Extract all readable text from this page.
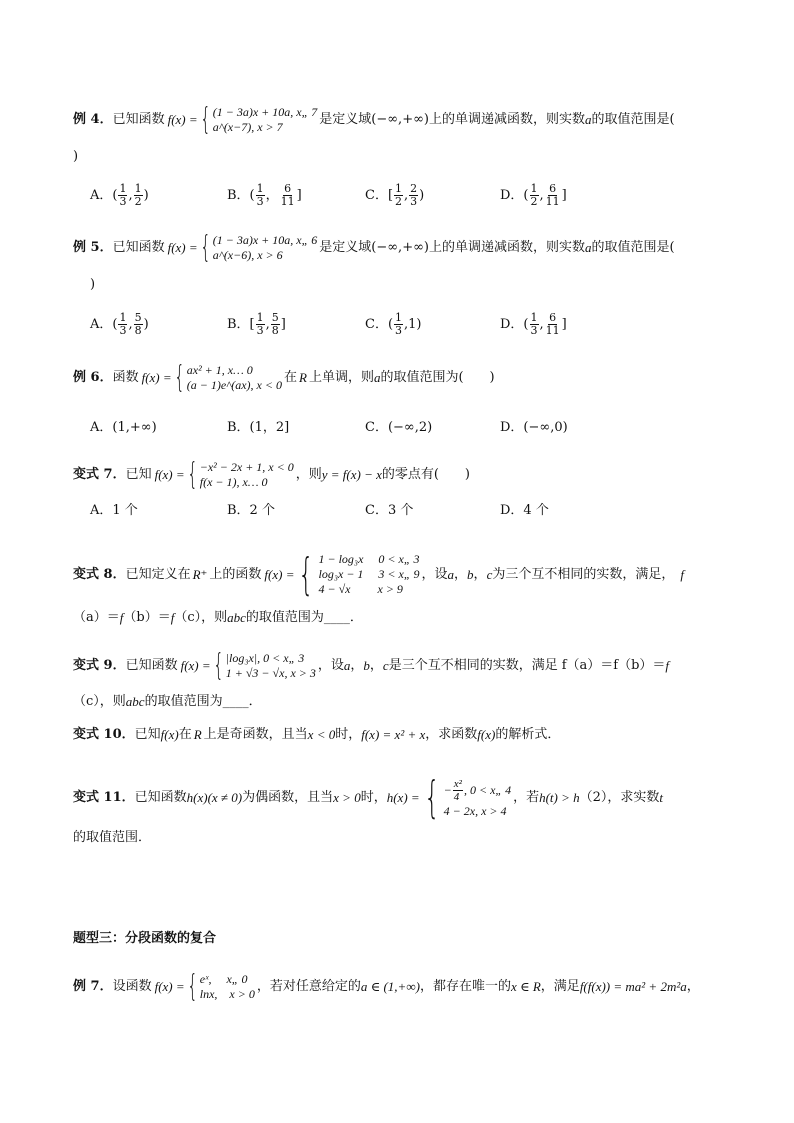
例 4． 已知函数 f(x) = { (1 − 3a)x + 10a, x„ 7
a^(x−7), x > 7	是定义域(−∞,+∞)上的单调递减函数，则实数 a 的取值范围是(
)
A．( $\frac{1}{3}$ , $\frac{1}{2}$ )	B．( $\frac{1}{3}$ ， $\frac{6}{11}$ ]	C．[ $\frac{1}{2}$ , $\frac{2}{3}$ )	D．( $\frac{1}{2}$ , $\frac{6}{11}$ ]
例 5． 已知函数 f(x) = { (1 − 3a)x + 10a, x„ 6
a^(x−6), x > 6	是定义域(−∞,+∞)上的单调递减函数，则实数 a 的取值范围是(
)
A．( $\frac{1}{3}$ , $\frac{5}{8}$ )	B．[ $\frac{1}{3}$ , $\frac{5}{8}$ ]	C．( $\frac{1}{3} ,1$)	D．( $\frac{1}{3}$ , $\frac{6}{11}$ ]
例 6． 函数 f(x) = { ax² + 1, x… 0
(a − 1)e^(ax), x < 0 在 R 上单调，则 a 的取值范围为(　　)
A．(1,+∞)	B．(1，2]	C．(−∞,2)	D．(−∞,0)
变式 7． 已知 f(x) = { −x² − 2x + 1, x < 0
f(x − 1), x… 0	，则 y = f(x) − x 的零点有(　　)
A．1 个	B．2 个	C．3 个	D．4 个
变式 8． 已知定义在 R⁺ 上的函数 f(x) = { 1 − log₃x　 0 < x„ 3
log₃x − 1　 3 < x„ 9
4 − √x　　 x > 9
，设 a ， b ， c 为三个互不相同的实数，满足， f
（a）＝ f （b）＝ f （c），则 abc 的取值范围为____．
变式 9． 已知函数 f(x) = { |log₃x|, 0 < x„ 3
1 + √3 − √x, x > 3 ，设 a ， b ， c 是三个互不相同的实数，满足 f（a）＝ f（b）＝ f
（c），则 abc 的取值范围为____．
变式 10． 已知 f(x) 在 R 上是奇函数，且当 x < 0 时， f(x) = x² + x ，求函数 f(x) 的解析式．
变式 11． 已知函数 h(x)(x ≠ 0) 为偶函数，且当 x > 0 时， h(x) = { − $\frac{\text{x²}}{4}$ , 0 < x„ 4
4 − 2x, x > 4
，若 h(t) > h （2），求实数 t
的取值范围．
题型三：分段函数的复合
例 7． 设函数 f(x) = { eˣ,　 x„ 0
lnx,　x > 0 ，若对任意给定的 a ∈ (1,+∞) ，都存在唯一的 x ∈ R ，满足 f(f(x)) = ma² + 2m²a ，
